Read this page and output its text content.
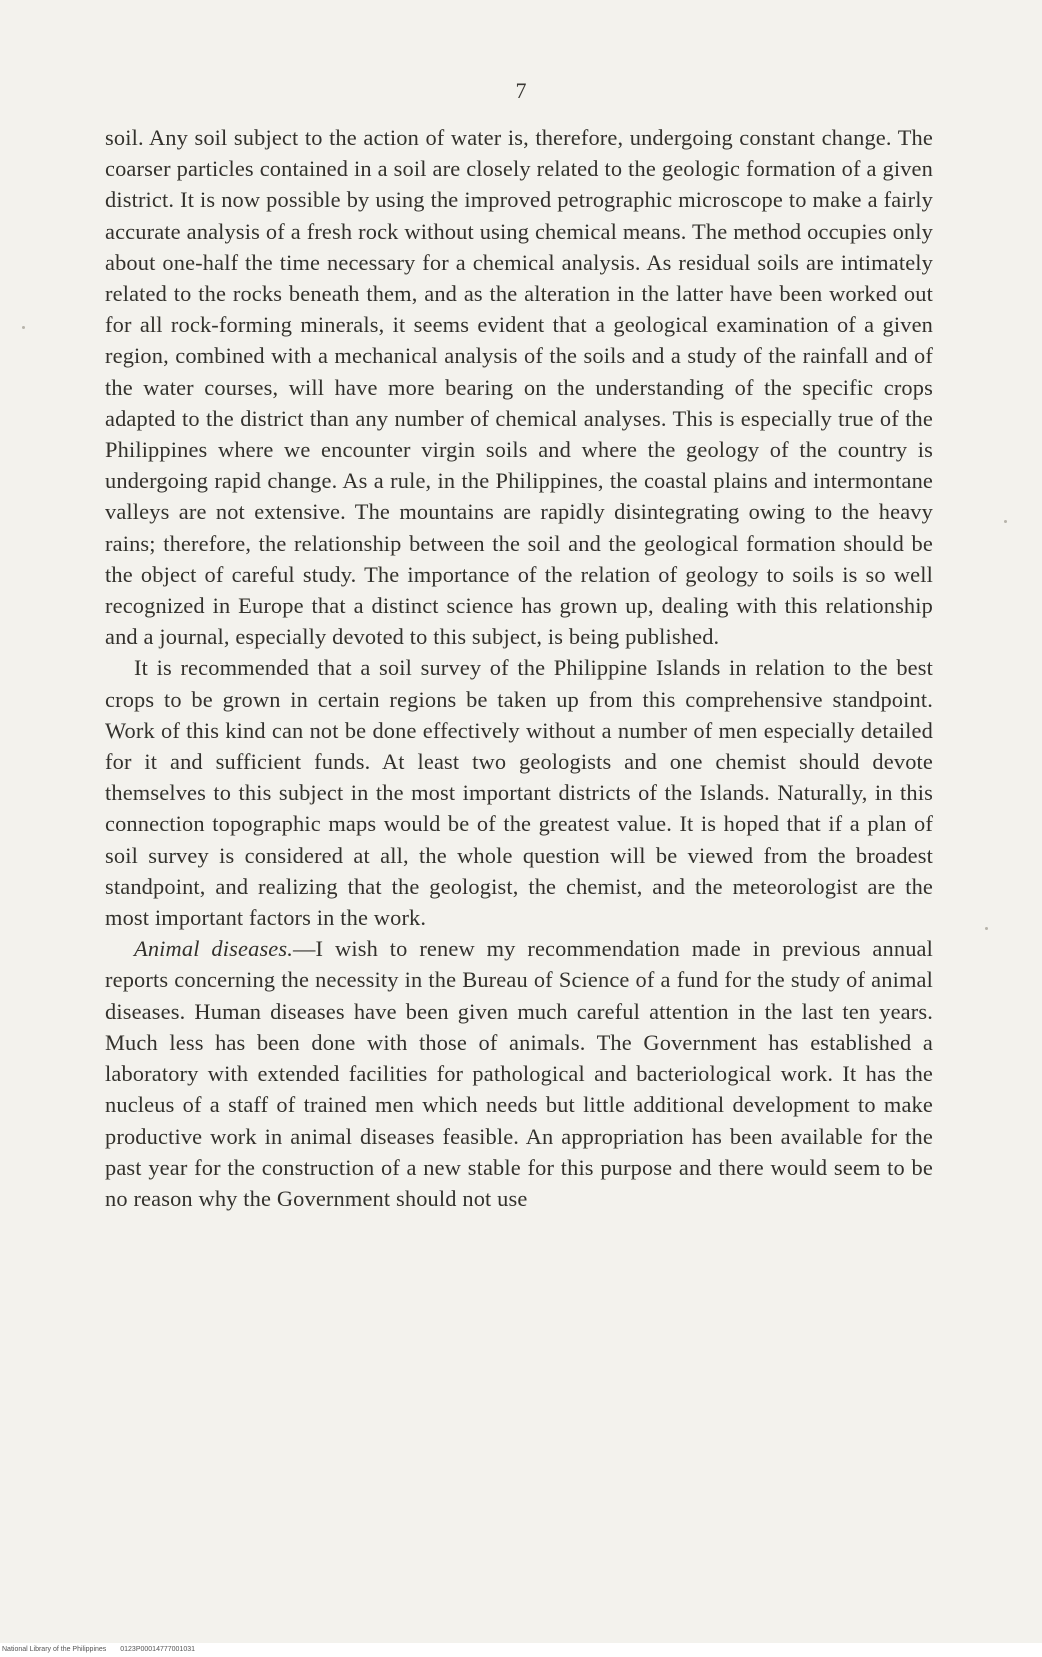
7

soil. Any soil subject to the action of water is, therefore, undergoing constant change. The coarser particles contained in a soil are closely related to the geologic formation of a given district. It is now possible by using the improved petrographic microscope to make a fairly accurate analysis of a fresh rock without using chemical means. The method occupies only about one-half the time necessary for a chemical analysis. As residual soils are intimately related to the rocks beneath them, and as the alteration in the latter have been worked out for all rock-forming minerals, it seems evident that a geological examination of a given region, combined with a mechanical analysis of the soils and a study of the rainfall and of the water courses, will have more bearing on the understanding of the specific crops adapted to the district than any number of chemical analyses. This is especially true of the Philippines where we encounter virgin soils and where the geology of the country is undergoing rapid change. As a rule, in the Philippines, the coastal plains and intermontane valleys are not extensive. The mountains are rapidly disintegrating owing to the heavy rains; therefore, the relationship between the soil and the geological formation should be the object of careful study. The importance of the relation of geology to soils is so well recognized in Europe that a distinct science has grown up, dealing with this relationship and a journal, especially devoted to this subject, is being published.

It is recommended that a soil survey of the Philippine Islands in relation to the best crops to be grown in certain regions be taken up from this comprehensive standpoint. Work of this kind can not be done effectively without a number of men especially detailed for it and sufficient funds. At least two geologists and one chemist should devote themselves to this subject in the most important districts of the Islands. Naturally, in this connection topographic maps would be of the greatest value. It is hoped that if a plan of soil survey is considered at all, the whole question will be viewed from the broadest standpoint, and realizing that the geologist, the chemist, and the meteorologist are the most important factors in the work.

Animal diseases.—I wish to renew my recommendation made in previous annual reports concerning the necessity in the Bureau of Science of a fund for the study of animal diseases. Human diseases have been given much careful attention in the last ten years. Much less has been done with those of animals. The Government has established a laboratory with extended facilities for pathological and bacteriological work. It has the nucleus of a staff of trained men which needs but little additional development to make productive work in animal diseases feasible. An appropriation has been available for the past year for the construction of a new stable for this purpose and there would seem to be no reason why the Government should not use

National Library of the Philippines 0123P00014777001031
